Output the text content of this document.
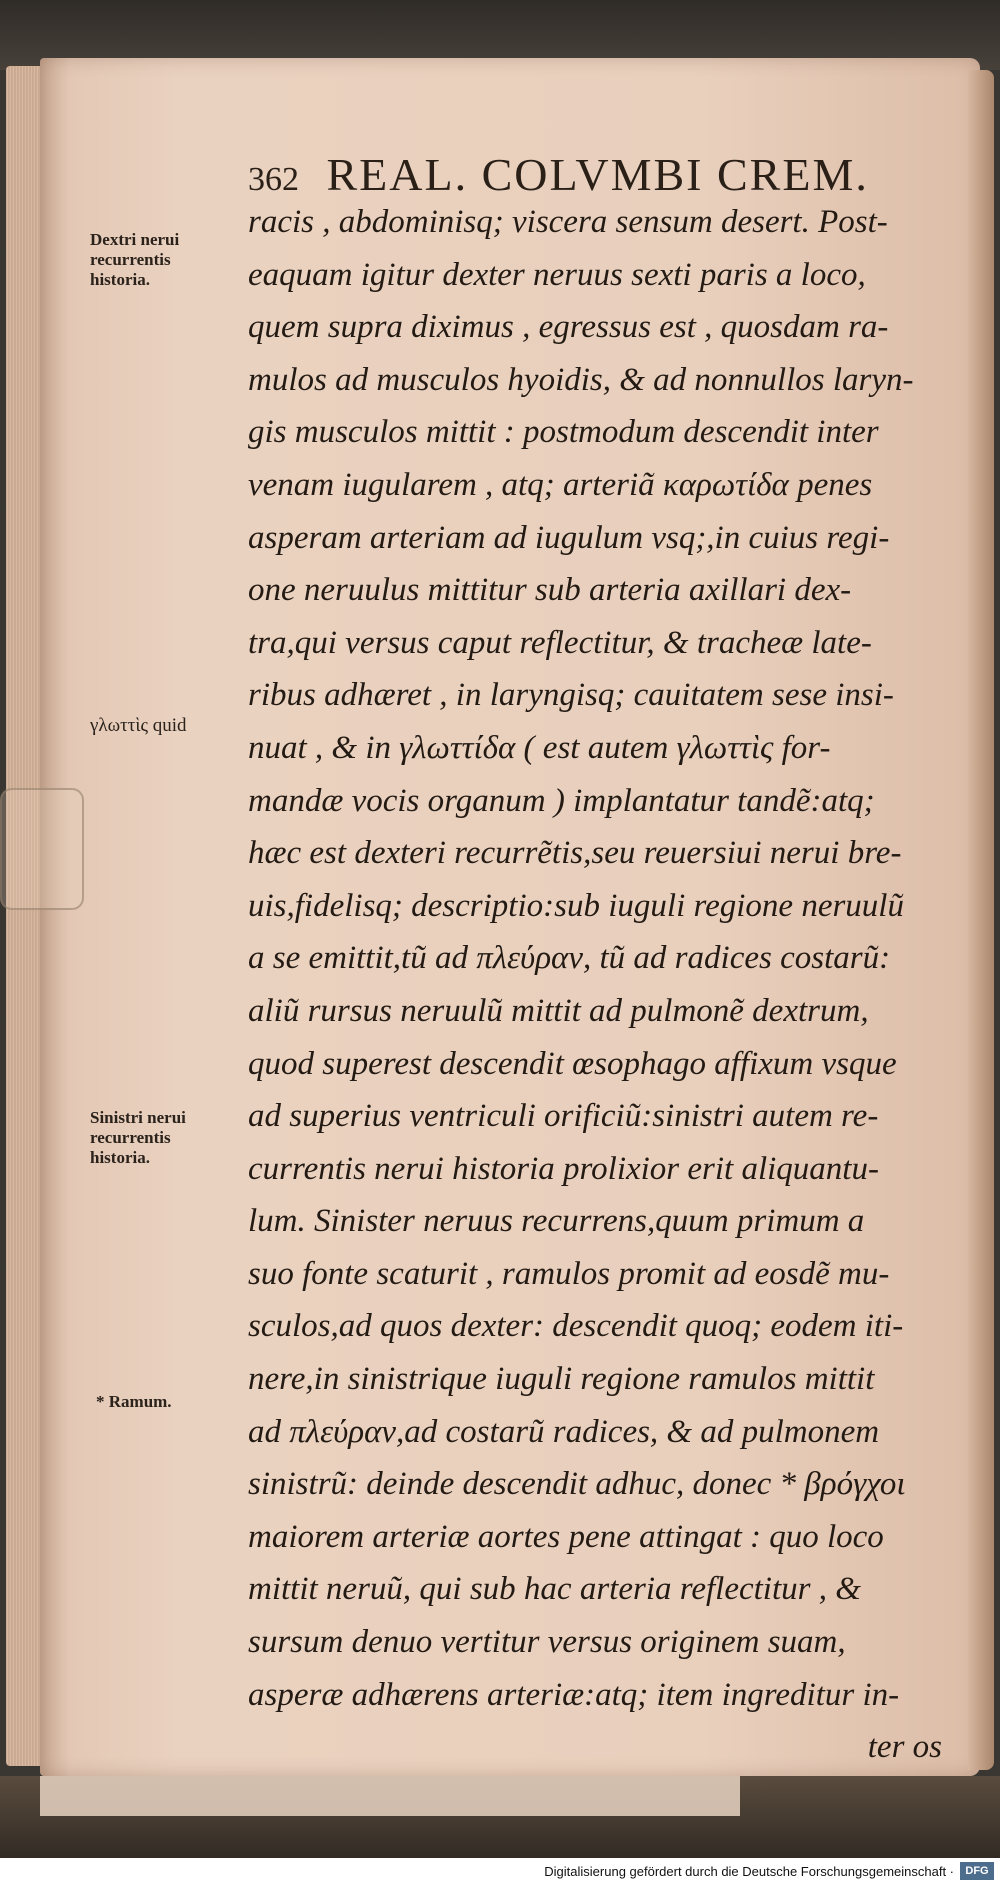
362 REAL. COLVMBI CREM.
Dextri nerui
recurrentis
historia.
γλωττὶς quid
Sinistri nerui
recurrentis
historia.
* Ramum.
racis , abdominisq; viscera sensum desert. Post-
eaquam igitur dexter neruus sexti paris a loco,
quem supra diximus , egressus est , quosdam ra-
mulos ad musculos hyoidis, & ad nonnullos laryn-
gis musculos mittit : postmodum descendit inter
venam iugularem , atq; arteriã καρωτίδα penes
asperam arteriam ad iugulum vsq;,in cuius regi-
one neruulus mittitur sub arteria axillari dex-
tra,qui versus caput reflectitur, & tracheæ late-
ribus adhæret , in laryngisq; cauitatem sese insi-
nuat , & in γλωττίδα ( est autem γλωττὶς for-
mandæ vocis organum ) implantatur tandẽ:atq;
hæc est dexteri recurrẽtis,seu reuersiui nerui bre-
uis,fidelisq; descriptio:sub iuguli regione neruulũ
a se emittit,tũ ad πλεύραν, tũ ad radices costarũ:
aliũ rursus neruulũ mittit ad pulmonẽ dextrum,
quod superest descendit œsophago affixum vsque
ad superius ventriculi orificiũ:sinistri autem re-
currentis nerui historia prolixior erit aliquantu-
lum. Sinister neruus recurrens,quum primum a
suo fonte scaturit , ramulos promit ad eosdẽ mu-
sculos,ad quos dexter: descendit quoq; eodem iti-
nere,in sinistrique iuguli regione ramulos mittit
ad πλεύραν,ad costarũ radices, & ad pulmonem
sinistrũ: deinde descendit adhuc, donec * βρόγχοι
maiorem arteriæ aortes pene attingat : quo loco
mittit neruũ, qui sub hac arteria reflectitur , &
sursum denuo vertitur versus originem suam,
asperæ adhærens arteriæ:atq; item ingreditur in-
ter os
Digitalisierung gefördert durch die Deutsche Forschungsgemeinschaft ·	DFG
